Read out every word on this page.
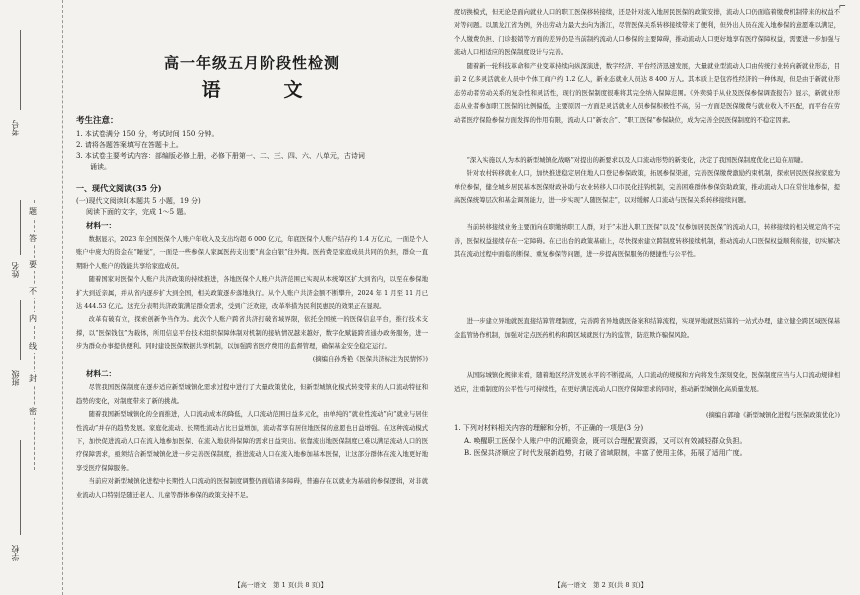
考号
姓名
班级
学校
题
答
要
不
内
线
封
密
高一年级五月阶段性检测
语　文
考生注意：

1. 本试卷满分 150 分，考试时间 150 分钟。

2. 请将各题答案填写在答题卡上。

3. 本试卷主要考试内容：部编版必修上册，必修下册第一、二、三、四、六、八单元，古诗词

　　诵读。

一、现代文阅读(35 分)

(一)现代文阅读Ⅰ(本题共 5 小题，19 分)

阅读下面的文字，完成 1～5 题。

材料一：

数据显示，2023 年全国医保个人账户年收入及支出均超 6 000 亿元，年底医保个人账户结存约 1.4 万亿元，一面是个人账户中庞大的资金在“睡觉”，一面是一些参保人家属医药支出要“真金白银”往外掏。医药费是家庭成员共同的负担，群众一直期盼个人账户的钱能共享给家庭成员。

随着国家对医保个人账户共济政策的持续推进，各地医保个人账户共济范围已实现从本统筹区扩大到省内，以至在参保地扩大到近亲属，并从省内逐步扩大到全国，相关政策逐步落地执行。从个人账户共济金额不断攀升，2024 年 1 月至 11 月已达 444.53 亿元。这充分表明共济政策满足群众需求，受到广泛欢迎，改革举措为民利民惠民的效果正在显现。

改革有破有立，探索创新争当作为。此次个人账户跨省共济打破省域界限，依托全国统一的医保信息平台，推行技术支撑，以“医保钱包”为载体，所用信息平台技术组织保障体制对机制的接轨情况越来越好，数字化赋能跨省通办政务服务，进一步为群众办事提供便利。同时建设医保数据共享机制，以加强跨省医疗费用的监督管理，确保基金安全稳定运行。

(摘编自孙秀艳《医保共济标注为民情怀》)

材料二：

尽管我国医保制度在逐步适应新型城镇化需求过程中进行了大量政策优化，但新型城镇化模式转变带来的人口流动特征和趋势的变化，对制度带来了新的挑战。

随着我国新型城镇化的全面推进，人口流动成本的降低，人口流动范围日益多元化，由单纯的“就业性流动”向“就业与居住性流动”并存的趋势发展。家庭化流动、长期性流动占比日益增加，流动者享有居住地医保的意愿也日益增强。在这种流动模式下，加快促进流动人口在流入地参加医保、在流入地获得保障的需求日益突出。依靠流出地医保制度已难以满足流动人口的医疗保障需求，亟须结合新型城镇化进一步完善医保制度，推进流动人口在流入地参加基本医保，让这部分群体在流入地更好地享受医疗保障服务。

当前应对新型城镇化进程中长期性人口流动的医保制度调整仍面临诸多障碍，普遍存在以就业为基础的参保逻辑，对非就业流动人口特别是随迁老人、儿童等群体参保的政策支持不足。

【高一语文　第 1 页(共 8 页)】
⌐

度切换模式，但无论是面向就业人口的职工医保移转接续，还是针对流入地居民医保的政策安排，流动人口仍面临着缴费机制带来的权益不对等问题。以黑龙江省为例，外出劳动力最大去向为浙江，尽管医保关系转移接续带来了便利，但外出人员在流入地参保的意愿难以满足，个人缴费负担、门诊报销等方面的差异仍是当前制约流动人口参保的主要障碍，推动流动人口更好地享有医疗保障权益，需要进一步加强与流动人口相适应的医保制度设计与完善。

随着新一轮科技革命和产业变革持续向纵深演进，数字经济、平台经济迅速发展，大量就业型流动人口由传统行业转向新就业形态，目前 2 亿多灵活就业人员中个体工商户约 1.2 亿人，新业态就业人员达 8 400 万人。其本质上是包容性经济的一种体现，但是由于新就业形态劳动者劳动关系的复杂性和灵活性，现行的医保制度很难将其完全纳入保障范围。《外卖骑手从业及医保参保调查报告》显示，新就业形态从业者参加职工医保的比例偏低，主要原因一方面是灵活就业人员参保积极性不高，另一方面是医保缴费与就业收入不匹配，而平台在劳动者医疗保险参保方面发挥的作用有限，流动人口“新农合”、“职工医保”参保缺位，成为完善全民医保制度的不稳定因素。

“深入实施以人为本的新型城镇化战略”对提出的新要求以及人口流动形势的新变化，决定了我国医保制度优化已迫在眉睫。

针对农村转移就业人口，加快推进稳定居住地人口登记参保政策，拓展参保渠道，完善医保缴费激励约束机制，探索居民医保按家庭为单位参保，健全城乡居民基本医保财政补助与农业转移人口市民化挂钩机制，完善困难群体参保资助政策，推动流动人口在常住地参保，提高医保统筹层次和基金调剂能力，进一步实现“人随医保走”，以对缓解人口流动与医保关系转移接续问题。

当前转移接续业务主要面向在职缴纳职工人群，对于“未进入职工医保”以及“仅参加居民医保”的流动人口，转移接续的相关规定尚不完善，医保权益接续存在一定障碍。在已出台的政策基础上，尽快探索建立跨制度转移接续机制，推动流动人口医保权益顺利衔接，切实解决其在流动过程中面临的断保、重复参保等问题，进一步提高医保服务的便捷性与公平性。

进一步建立异地就医直接结算管理制度，完善跨省异地就医备案和结算流程，实现异地就医结算的一站式办理，建立健全跨区域医保基金监管协作机制，加强对定点医药机构和跨区域就医行为的监管，防范欺诈骗保风险。

从国际城镇化规律来看，随着地区经济发展水平的不断提高，人口流动的规模和方向将发生深刻变化，医保制度应当与人口流动规律相适应，注重制度的公平性与可持续性，在更好满足流动人口医疗保障需求的同时，推动新型城镇化高质量发展。

(摘编自郭瑜《新型城镇化进程与医保政策优化》)

1. 下列对材料相关内容的理解和分析，不正确的一项是(3 分)

A. 唤醒职工医保个人账户中的沉睡资金，既可以合理配置资源，又可以有效减轻群众负担。

B. 医保共济顺应了时代发展新趋势，打破了省域限制，丰富了使用主体，拓展了适用广度。

【高一语文　第 2 页(共 8 页)】
